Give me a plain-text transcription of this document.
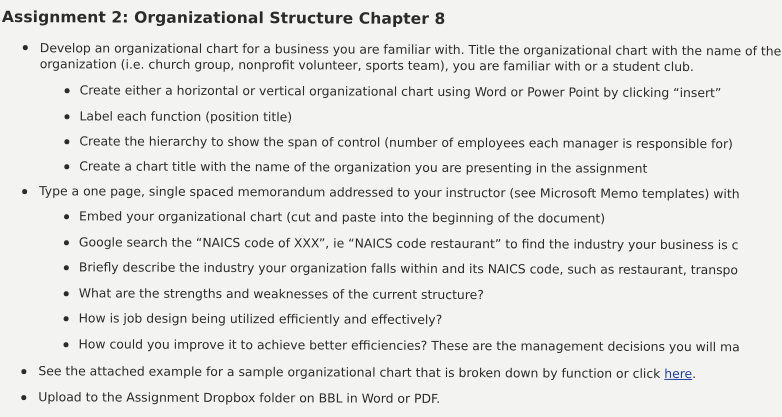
Assignment 2: Organizational Structure Chapter 8
Develop an organizational chart for a business you are familiar with. Title the organizational chart with the name of the
organization (i.e. church group, nonprofit volunteer, sports team), you are familiar with or a student club.
Create either a horizontal or vertical organizational chart using Word or Power Point by clicking “insert”
Label each function (position title)
Create the hierarchy to show the span of control (number of employees each manager is responsible for)
Create a chart title with the name of the organization you are presenting in the assignment
Type a one page, single spaced memorandum addressed to your instructor (see Microsoft Memo templates) with
Embed your organizational chart (cut and paste into the beginning of the document)
Google search the “NAICS code of XXX”, ie “NAICS code restaurant” to find the industry your business is c
Briefly describe the industry your organization falls within and its NAICS code, such as restaurant, transpo
What are the strengths and weaknesses of the current structure?
How is job design being utilized efficiently and effectively?
How could you improve it to achieve better efficiencies? These are the management decisions you will ma
See the attached example for a sample organizational chart that is broken down by function or click here.
Upload to the Assignment Dropbox folder on BBL in Word or PDF.
